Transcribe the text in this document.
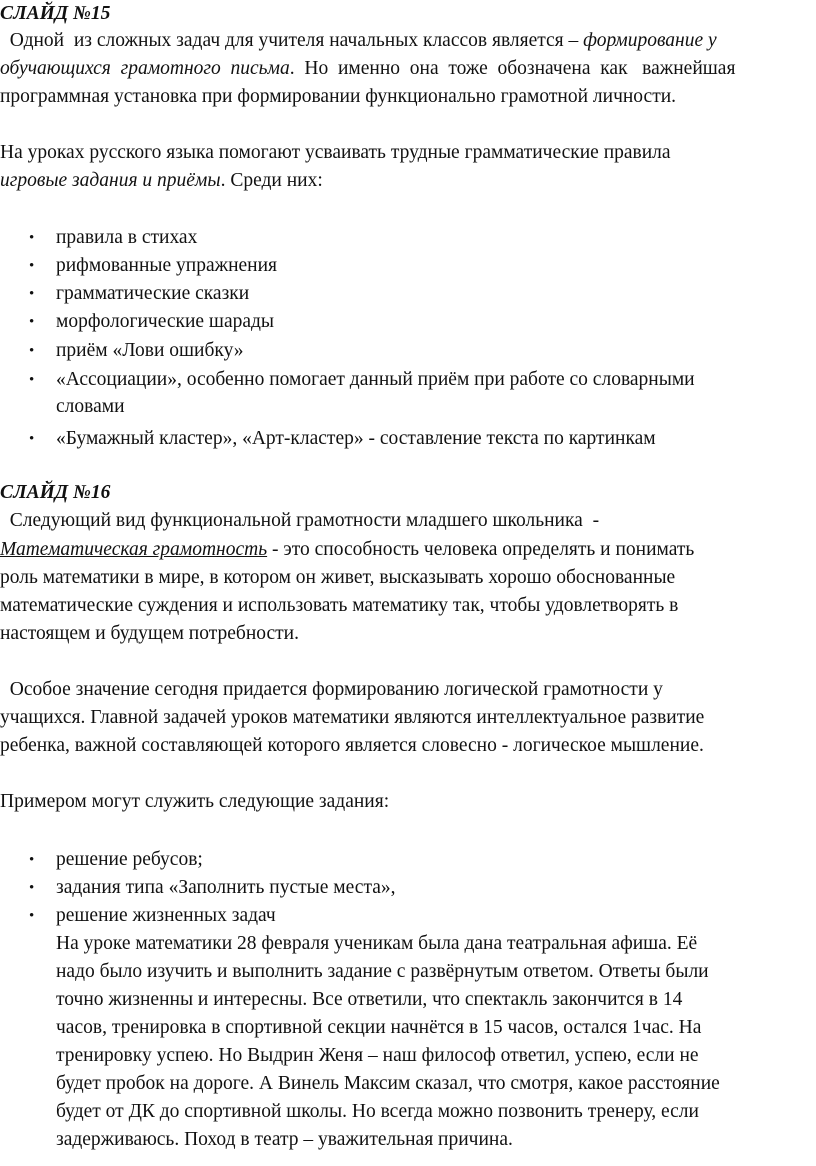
СЛАЙД №15
Одной  из сложных задач для учителя начальных классов является – формирование у
обучающихся  грамотного  письма.  Но  именно  она  тоже  обозначена  как   важнейшая
программная установка при формировании функционально грамотной личности.
На уроках русского языка помогают усваивать трудные грамматические правила
игровые задания и приёмы. Среди них:
• правила в стихах
• рифмованные упражнения
• грамматические сказки
• морфологические шарады
• приём «Лови ошибку»
• «Ассоциации», особенно помогает данный приём при работе со словарными
словами
• «Бумажный кластер», «Арт-кластер» - составление текста по картинкам
СЛАЙД №16
Следующий вид функциональной грамотности младшего школьника  -
Математическая грамотность - это способность человека определять и понимать
роль математики в мире, в котором он живет, высказывать хорошо обоснованные
математические суждения и использовать математику так, чтобы удовлетворять в
настоящем и будущем потребности.
Особое значение сегодня придается формированию логической грамотности у
учащихся. Главной задачей уроков математики являются интеллектуальное развитие
ребенка, важной составляющей которого является словесно - логическое мышление.
Примером могут служить следующие задания:
• решение ребусов;
• задания типа «Заполнить пустые места»,
• решение жизненных задач
На уроке математики 28 февраля ученикам была дана театральная афиша. Её
надо было изучить и выполнить задание с развёрнутым ответом. Ответы были
точно жизненны и интересны. Все ответили, что спектакль закончится в 14
часов, тренировка в спортивной секции начнётся в 15 часов, остался 1час. На
тренировку успею. Но Выдрин Женя – наш философ ответил, успею, если не
будет пробок на дороге. А Винель Максим сказал, что смотря, какое расстояние
будет от ДК до спортивной школы. Но всегда можно позвонить тренеру, если
задерживаюсь. Поход в театр – уважительная причина.
